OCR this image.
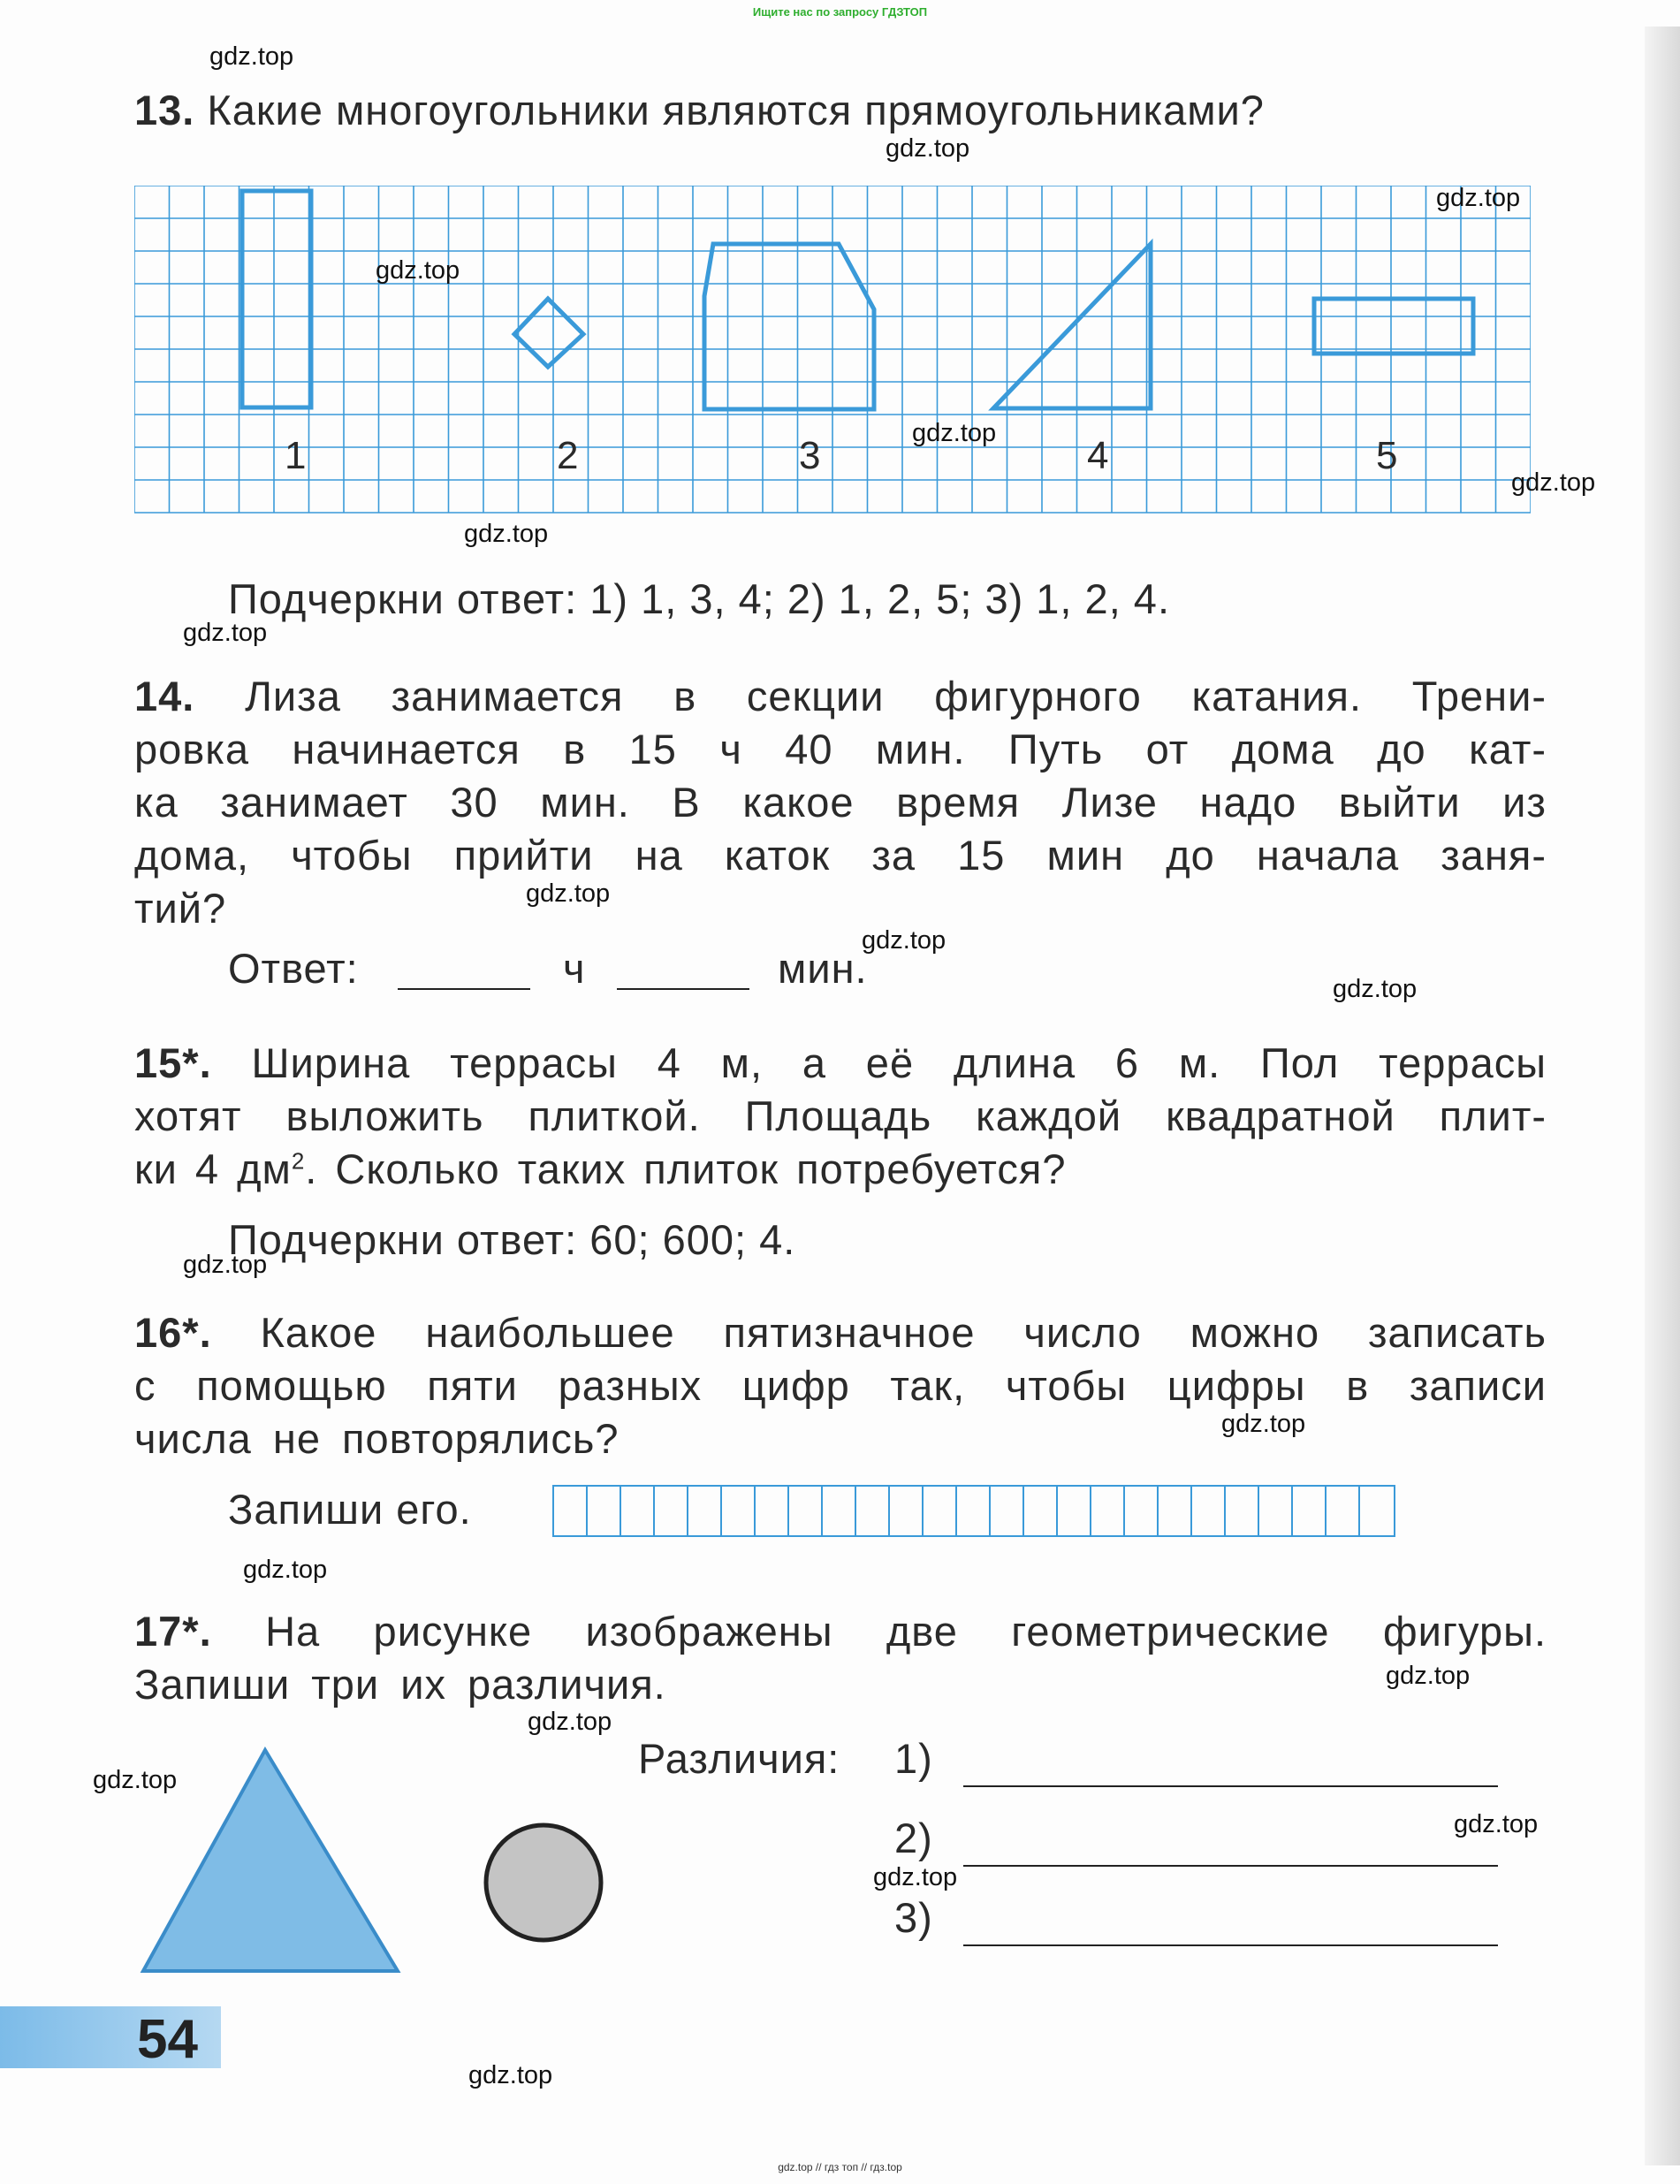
Ищите нас по запросу ГДЗТОП
13. Какие многоугольники являются прямоугольниками?
1	2	3	4	5
Подчеркни ответ: 1) 1, 3, 4; 2) 1, 2, 5; 3) 1, 2, 4.
14. Лиза занимается в секции фигурного катания. Трени-
ровка начинается в 15 ч 40 мин. Путь от дома до кат-
ка занимает 30 мин. В какое время Лизе надо выйти из
дома, чтобы прийти на каток за 15 мин до начала заня-
тий?
Ответ:	ч	мин.
15*. Ширина террасы 4 м, а её длина 6 м. Пол террасы
хотят выложить плиткой. Площадь каждой квадратной плит-
ки 4 $дм^2$. Сколько таких плиток потребуется?
Подчеркни ответ: 60; 600; 4.
16*. Какое наибольшее пятизначное число можно записать
с помощью пяти разных цифр так, чтобы цифры в записи
числа не повторялись?
Запиши его.
17*. На рисунке изображены две геометрические фигуры.
Запиши три их различия.
Различия: 1)
2)
3)
54
gdz.top
gdz.top
gdz.top
gdz.top
gdz.top
gdz.top
gdz.top
gdz.top
gdz.top
gdz.top
gdz.top
gdz.top
gdz.top
gdz.top
gdz.top
gdz.top
gdz.top
gdz.top
gdz.top
gdz.top
gdz.top // гдз топ // гдз.top
